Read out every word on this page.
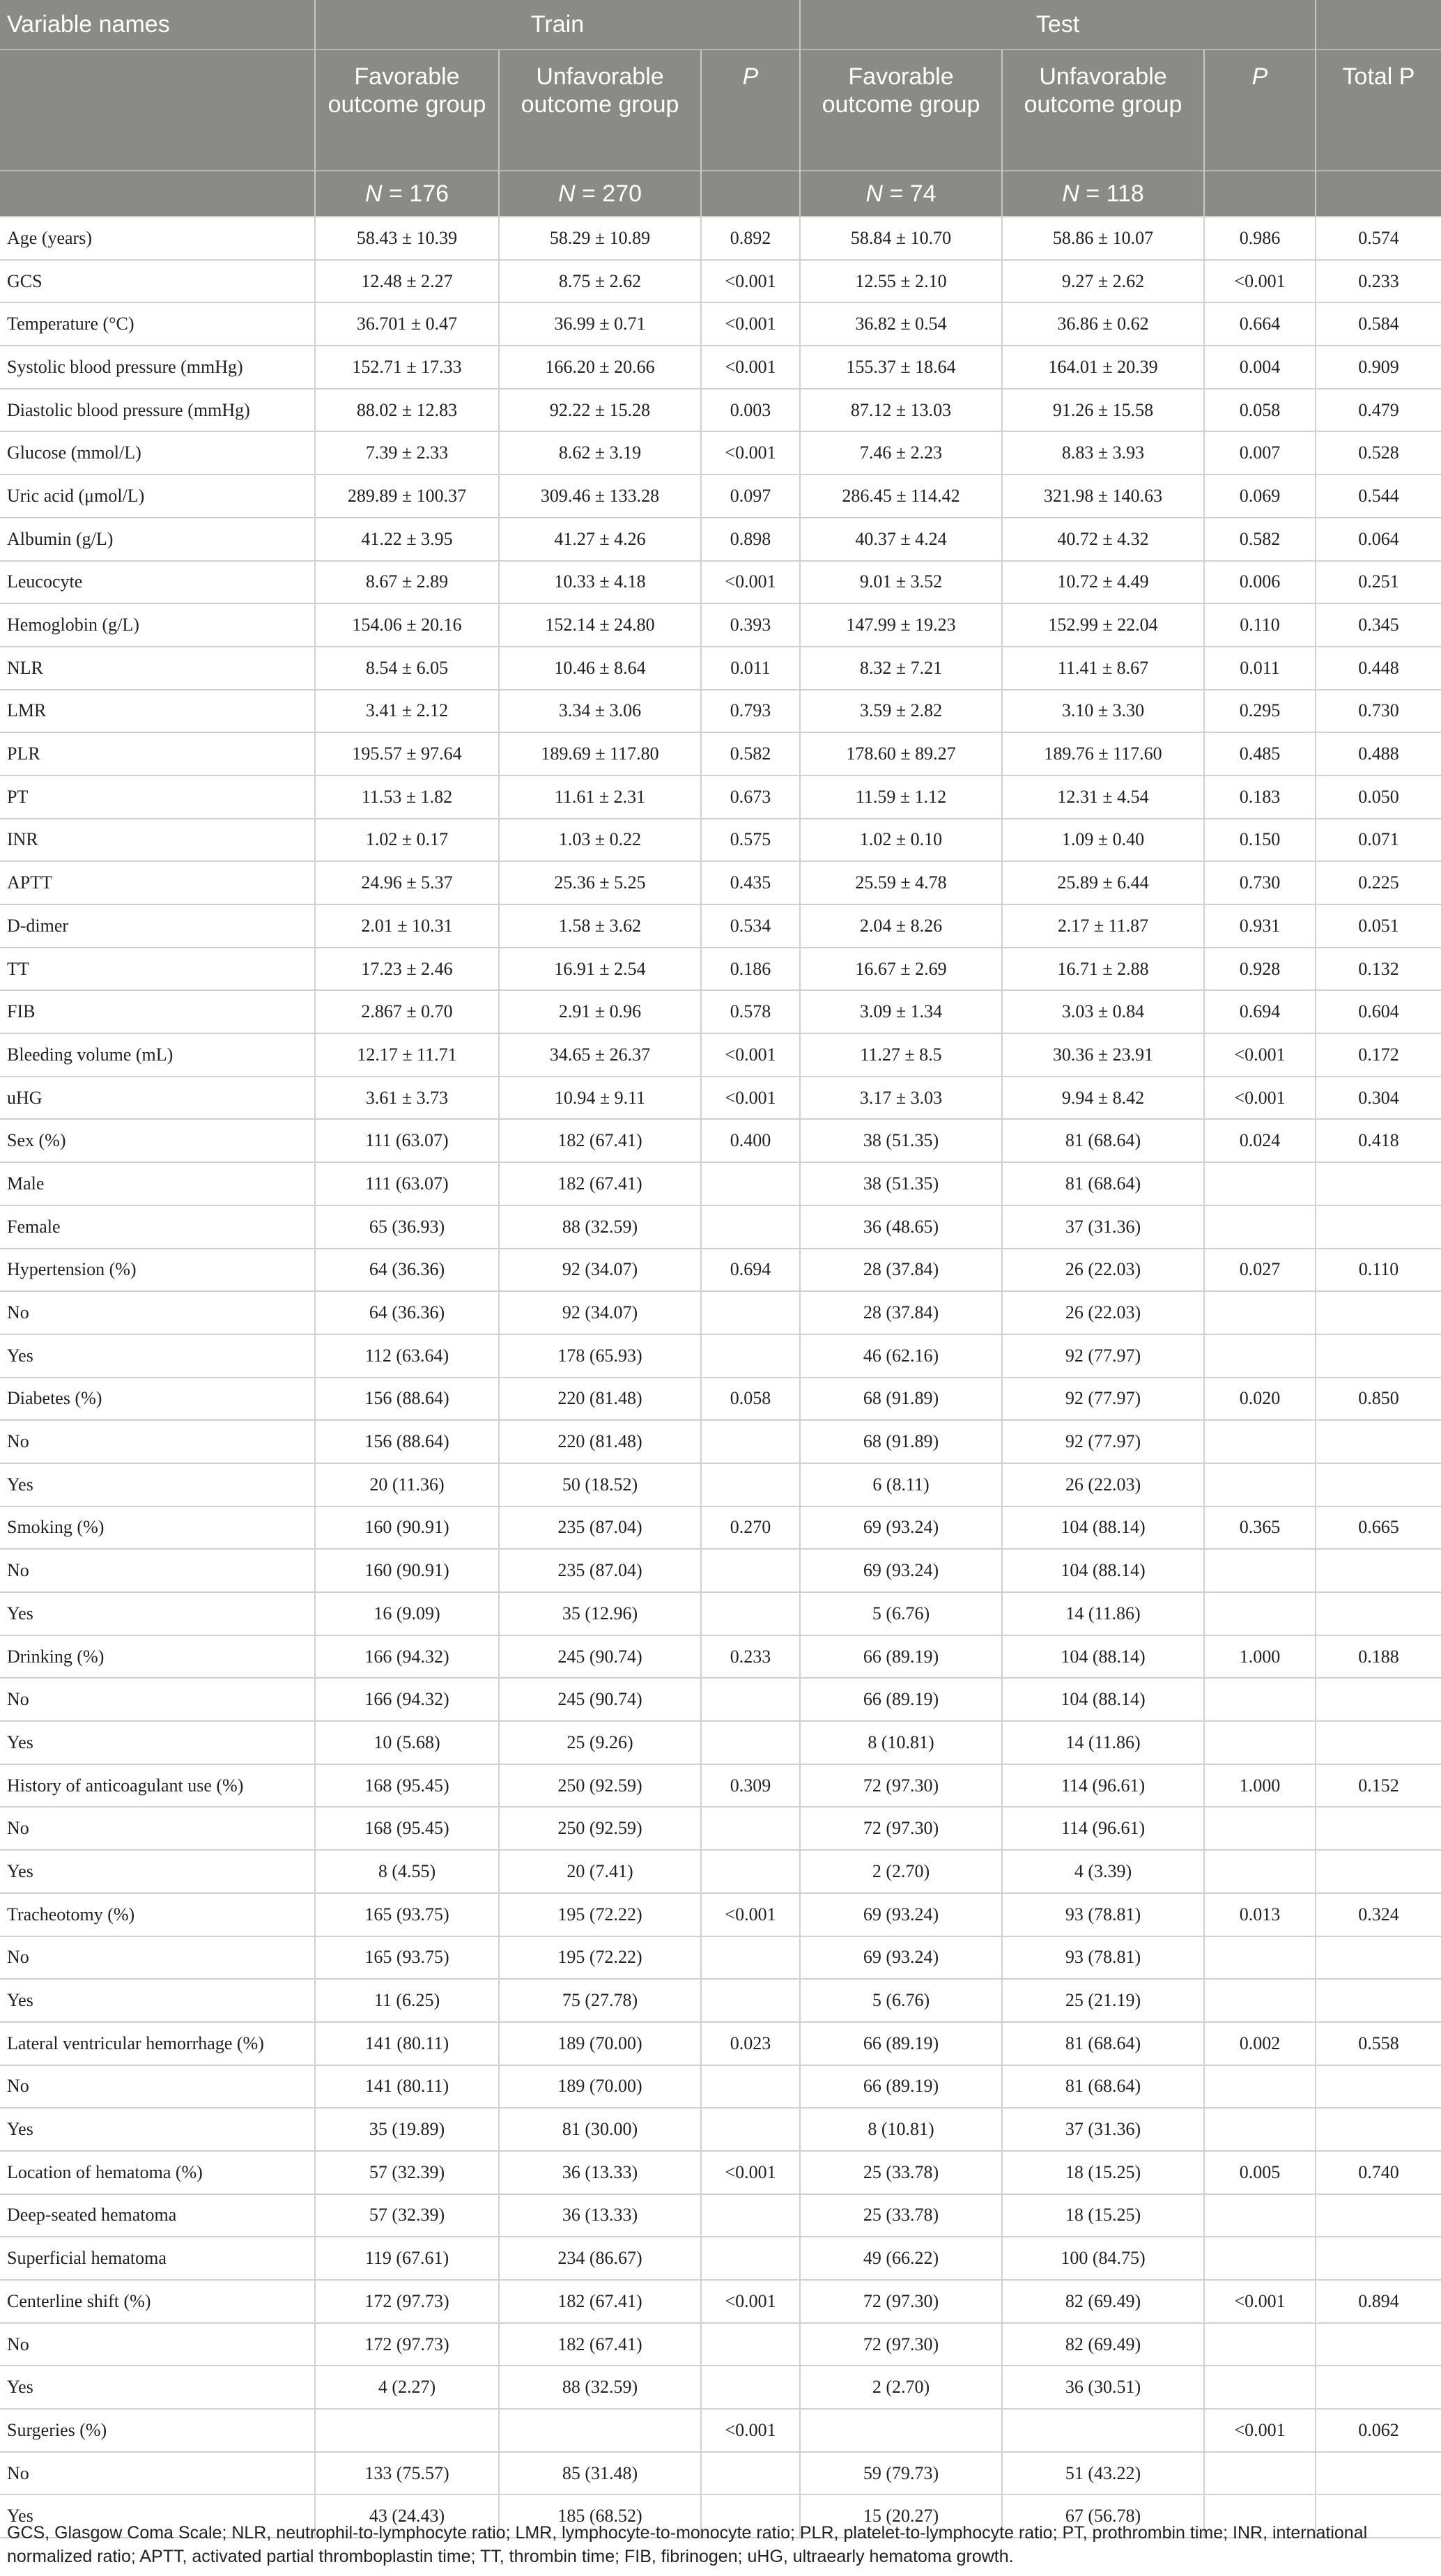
Variable names	Train			Test			
	Favorable outcome group	Unfavorable outcome group	P	Favorable outcome group	Unfavorable outcome group	P	Total P
	N = 176	N = 270		N = 74	N = 118		
Age (years)	58.43 ± 10.39	58.29 ± 10.89	0.892	58.84 ± 10.70	58.86 ± 10.07	0.986	0.574
GCS	12.48 ± 2.27	8.75 ± 2.62	<0.001	12.55 ± 2.10	9.27 ± 2.62	<0.001	0.233
Temperature (°C)	36.701 ± 0.47	36.99 ± 0.71	<0.001	36.82 ± 0.54	36.86 ± 0.62	0.664	0.584
Systolic blood pressure (mmHg)	152.71 ± 17.33	166.20 ± 20.66	<0.001	155.37 ± 18.64	164.01 ± 20.39	0.004	0.909
Diastolic blood pressure (mmHg)	88.02 ± 12.83	92.22 ± 15.28	0.003	87.12 ± 13.03	91.26 ± 15.58	0.058	0.479
Glucose (mmol/L)	7.39 ± 2.33	8.62 ± 3.19	<0.001	7.46 ± 2.23	8.83 ± 3.93	0.007	0.528
Uric acid (μmol/L)	289.89 ± 100.37	309.46 ± 133.28	0.097	286.45 ± 114.42	321.98 ± 140.63	0.069	0.544
Albumin (g/L)	41.22 ± 3.95	41.27 ± 4.26	0.898	40.37 ± 4.24	40.72 ± 4.32	0.582	0.064
Leucocyte	8.67 ± 2.89	10.33 ± 4.18	<0.001	9.01 ± 3.52	10.72 ± 4.49	0.006	0.251
Hemoglobin (g/L)	154.06 ± 20.16	152.14 ± 24.80	0.393	147.99 ± 19.23	152.99 ± 22.04	0.110	0.345
NLR	8.54 ± 6.05	10.46 ± 8.64	0.011	8.32 ± 7.21	11.41 ± 8.67	0.011	0.448
LMR	3.41 ± 2.12	3.34 ± 3.06	0.793	3.59 ± 2.82	3.10 ± 3.30	0.295	0.730
PLR	195.57 ± 97.64	189.69 ± 117.80	0.582	178.60 ± 89.27	189.76 ± 117.60	0.485	0.488
PT	11.53 ± 1.82	11.61 ± 2.31	0.673	11.59 ± 1.12	12.31 ± 4.54	0.183	0.050
INR	1.02 ± 0.17	1.03 ± 0.22	0.575	1.02 ± 0.10	1.09 ± 0.40	0.150	0.071
APTT	24.96 ± 5.37	25.36 ± 5.25	0.435	25.59 ± 4.78	25.89 ± 6.44	0.730	0.225
D-dimer	2.01 ± 10.31	1.58 ± 3.62	0.534	2.04 ± 8.26	2.17 ± 11.87	0.931	0.051
TT	17.23 ± 2.46	16.91 ± 2.54	0.186	16.67 ± 2.69	16.71 ± 2.88	0.928	0.132
FIB	2.867 ± 0.70	2.91 ± 0.96	0.578	3.09 ± 1.34	3.03 ± 0.84	0.694	0.604
Bleeding volume (mL)	12.17 ± 11.71	34.65 ± 26.37	<0.001	11.27 ± 8.5	30.36 ± 23.91	<0.001	0.172
uHG	3.61 ± 3.73	10.94 ± 9.11	<0.001	3.17 ± 3.03	9.94 ± 8.42	<0.001	0.304
Sex (%)	111 (63.07)	182 (67.41)	0.400	38 (51.35)	81 (68.64)	0.024	0.418
Male	111 (63.07)	182 (67.41)		38 (51.35)	81 (68.64)		
Female	65 (36.93)	88 (32.59)		36 (48.65)	37 (31.36)		
Hypertension (%)	64 (36.36)	92 (34.07)	0.694	28 (37.84)	26 (22.03)	0.027	0.110
No	64 (36.36)	92 (34.07)		28 (37.84)	26 (22.03)		
Yes	112 (63.64)	178 (65.93)		46 (62.16)	92 (77.97)		
Diabetes (%)	156 (88.64)	220 (81.48)	0.058	68 (91.89)	92 (77.97)	0.020	0.850
No	156 (88.64)	220 (81.48)		68 (91.89)	92 (77.97)		
Yes	20 (11.36)	50 (18.52)		6 (8.11)	26 (22.03)		
Smoking (%)	160 (90.91)	235 (87.04)	0.270	69 (93.24)	104 (88.14)	0.365	0.665
No	160 (90.91)	235 (87.04)		69 (93.24)	104 (88.14)		
Yes	16 (9.09)	35 (12.96)		5 (6.76)	14 (11.86)		
Drinking (%)	166 (94.32)	245 (90.74)	0.233	66 (89.19)	104 (88.14)	1.000	0.188
No	166 (94.32)	245 (90.74)		66 (89.19)	104 (88.14)		
Yes	10 (5.68)	25 (9.26)		8 (10.81)	14 (11.86)		
History of anticoagulant use (%)	168 (95.45)	250 (92.59)	0.309	72 (97.30)	114 (96.61)	1.000	0.152
No	168 (95.45)	250 (92.59)		72 (97.30)	114 (96.61)		
Yes	8 (4.55)	20 (7.41)		2 (2.70)	4 (3.39)		
Tracheotomy (%)	165 (93.75)	195 (72.22)	<0.001	69 (93.24)	93 (78.81)	0.013	0.324
No	165 (93.75)	195 (72.22)		69 (93.24)	93 (78.81)		
Yes	11 (6.25)	75 (27.78)		5 (6.76)	25 (21.19)		
Lateral ventricular hemorrhage (%)	141 (80.11)	189 (70.00)	0.023	66 (89.19)	81 (68.64)	0.002	0.558
No	141 (80.11)	189 (70.00)		66 (89.19)	81 (68.64)		
Yes	35 (19.89)	81 (30.00)		8 (10.81)	37 (31.36)		
Location of hematoma (%)	57 (32.39)	36 (13.33)	<0.001	25 (33.78)	18 (15.25)	0.005	0.740
Deep-seated hematoma	57 (32.39)	36 (13.33)		25 (33.78)	18 (15.25)		
Superficial hematoma	119 (67.61)	234 (86.67)		49 (66.22)	100 (84.75)		
Centerline shift (%)	172 (97.73)	182 (67.41)	<0.001	72 (97.30)	82 (69.49)	<0.001	0.894
No	172 (97.73)	182 (67.41)		72 (97.30)	82 (69.49)		
Yes	4 (2.27)	88 (32.59)		2 (2.70)	36 (30.51)		
Surgeries (%)			<0.001			<0.001	0.062
No	133 (75.57)	85 (31.48)		59 (79.73)	51 (43.22)		
Yes	43 (24.43)	185 (68.52)		15 (20.27)	67 (56.78)		
GCS, Glasgow Coma Scale; NLR, neutrophil-to-lymphocyte ratio; LMR, lymphocyte-to-monocyte ratio; PLR, platelet-to-lymphocyte ratio; PT, prothrombin time; INR, international normalized ratio; APTT, activated partial thromboplastin time; TT, thrombin time; FIB, fibrinogen; uHG, ultraearly hematoma growth.
